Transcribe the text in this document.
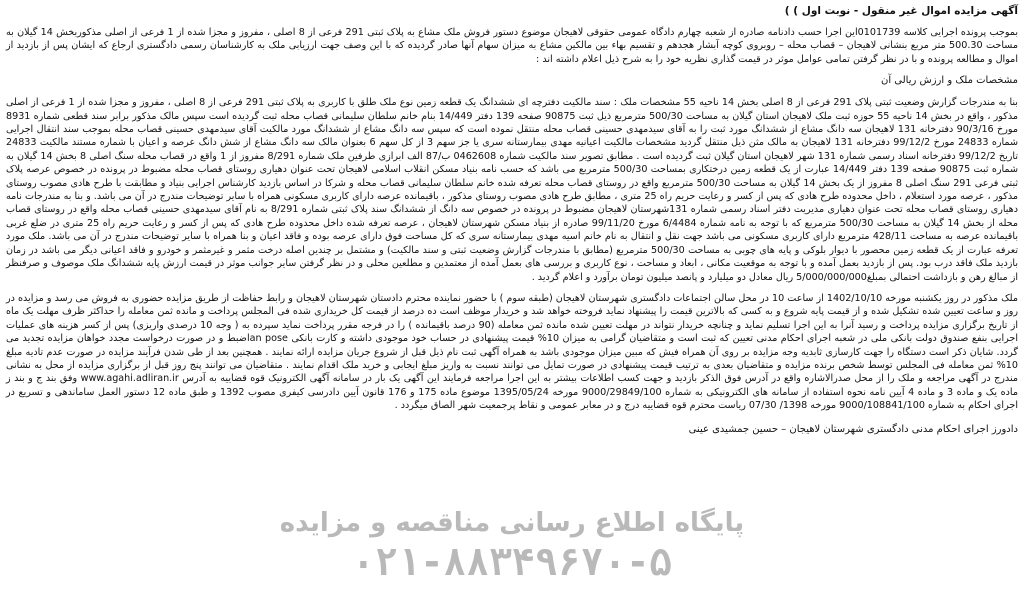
آگهی مزایده اموال غیر منقول - نوبت اول ) )
بموجب پرونده اجرایی کلاسه 0101739این اجرا حسب دادنامه صادره از شعبه چهارم دادگاه عمومی حقوقی لاهیجان موضوع دستور فروش ملک مشاع به پلاک ثبتی 291 فرعی از 8 اصلی ، مفروز و مجزا شده از 1 فرعی از اصلی مذکوربخش 14 گیلان به مساحت 500.30 متر مربع بنشانی لاهیجان – قصاب محله – روبروی کوچه آبشار هجدهم و تقسیم بهاء بین مالکین مشاع به میزان سهام آنها صادر گردیده که با این وصف جهت ارزیابی ملک به کارشناسان رسمی دادگستری ارجاع که ایشان پس از بازدید از اموال و مطالعه پرونده و با در نظر گرفتن تمامی عوامل موثر در قیمت گذاری نظریه خود را به شرح ذیل اعلام داشته اند :
مشخصات ملک و ارزش ریالی آن
بنا به مندرجات گزارش وضعیت ثبتی پلاک 291 فرعی از 8 اصلی بخش 14 ناحیه 55 مشخصات ملک : سند مالکیت دفترچه ای ششدانگ یک قطعه زمین نوع ملک طلق با کاربری به پلاک ثبتی 291 فرعی از 8 اصلی ، مفروز و مجزا شده از 1 فرعی از اصلی مذکور ، واقع در بخش 14 ناحیه 55 حوزه ثبت ملک لاهیجان استان گیلان به مساحت 500/30 مترمربع ذیل ثبت 90875 صفحه 139 دفتر 14/449 بنام خانم سلطان سلیمانی قصاب محله ثبت گردیده است سپس مالک مذکور برابر سند قطعی شماره 8931 مورخ 90/3/16 دفترخانه 131 لاهیجان سه دانگ مشاع از ششدانگ مورد ثبت را به آقای سیدمهدی حسینی قصاب محله منتقل نموده است که سپس سه دانگ مشاع از ششدانگ مورد مالکیت آقای سیدمهدی حسینی قصاب محله بموجب سند انتقال اجرایی شماره 24833 مورخ 99/12/2 دفترخانه 131 لاهیجان به مالک مثن ذیل منتقل گردید مشخصات مالکیت اعیانیه مهدی بیمارستانه سری یا جز سهم 3 از کل سهم 6 بعنوان مالک سه دانگ مشاع از شش دانگ عرصه و اعیان با شماره مستند مالکیت 24833 تاریخ 99/12/2 دفترخانه اسناد رسمی شماره 131 شهر لاهیجان استان گیلان ثبت گردیده است . مطابق تصویر سند مالکیت شماره 0462608 ب/87 الف ابرازی طرفین ملک شماره 8/291 مفروز از 1 واقع در قصاب محله سنگ اصلی 8 بخش 14 گیلان به شماره ثبت 90875 صفحه 139 دفتر 14/449 عبارت از یک قطعه زمین درختکاری بمساحت 500/30 مترمربع می باشد که حسب نامه بنیاد مسکن انقلاب اسلامی لاهیجان تحت عنوان دهیاری روستای قصاب محله مضبوط در پرونده در خصوص عرصه پلاک ثبتی فرعی 291 سنگ اصلی 8 مفروز از یک بخش 14 گیلان به مساحت 500/30 مترمربع واقع در روستای قصاب محله تعرفه شده خانم سلطان سلیمانی قصاب محله و شرکا در اساس بازدید کارشناس اجرایی بنیاد و مطابقت با طرح هادی مصوب روستای مذکور ، عرصه مورد استعلام ، داخل محدوده طرح هادی که پس از کسر و رعایت حریم راه 25 متری ، مطابق طرح هادی مصوب روستای مذکور ، باقیمانده عرصه دارای کاربری مسکونی همراه با سایر توضیحات مندرج در آن می باشد. و بنا به مندرجات نامه دهیاری روستای قصاب محله تحت عنوان دهیاری مدیریت دفتر اسناد رسمی شماره 131شهرستان لاهیجان مضبوط در پرونده در خصوص سه دانگ از ششدانگ سند پلاک ثبتی شماره 8/291 به نام آقای سیدمهدی حسینی قصاب محله واقع در روستای قصاب محله از بخش 14 گیلان به مساحت 500/30 مترمربع که با توجه به نامه شماره 6/4484 مورخ 99/11/20 صادره از بنیاد مسکن شهرستان لاهیجان ، عرصه تعرفه شده داخل محدوده طرح هادی که پس از کسر و رعایت حریم راه 25 متری در ضلع غربی باقیمانده عرصه به مساحت 428/11 مترمربع دارای کاربری مسکونی می باشد جهت نقل و انتقال به نام خانم اسیه مهدی بیمارستانه سری که کل مساحت فوق دارای عرصه بوده و فاقد اعیان و بنا همراه با سایر توضیحات مندرج در آن می باشد. ملک مورد تعرفه عبارت از یک قطعه زمین محصور با دیوار بلوکی و پایه های چوبی به مساحت 500/30 مترمربع (مطابق با مندرجات گزارش وضعیت ثبتی و سند مالکیت) و مشتمل بر چندین اصله درخت مثمر و غیرمثمر و خودرو و فاقد اعیانی دیگر می باشد در زمان بازدید ملک فاقد درب بود. پس از بازدید بعمل آمده و با توجه به موقعیت مکانی ، ابعاد و مساحت ، نوع کاربری و بررسی های بعمل آمده از معتمدین و مطلعین محلی و در نظر گرفتن سایر جوانب موثر در قیمت ارزش پایه ششدانگ ملک موصوف و صرفنظر از مبالغ رهن و بازداشت احتمالی بمبلغ5/000/000/000 ریال معادل دو میلیارد و پانصد میلیون تومان برآورد و اعلام گردید .
ملک مذکور در روز یکشنبه مورخه 1402/10/10 از ساعت 10 در محل سالن اجتماعات دادگستری شهرستان لاهیجان (طبقه سوم ) با حضور نماینده محترم دادستان شهرستان لاهیجان و رابط حفاظت از طریق مزایده حضوری به فروش می رسد و مزایده در روز و ساعت تعیین شده تشکیل شده و از قیمت پایه شروع و به کسی که بالاترین قیمت را پیشنهاد نماید فروخته خواهد شد و خریدار موظف است ده درصد از قیمت کل خریداری شده فی المجلس پرداخت و مانده ثمن معامله را حداکثر ظرف مهلت یک ماه از تاریخ برگزاری مزایده پرداخت و رسید آنرا به این اجرا تسلیم نماید و چنانچه خریدار نتواند در مهلت تعیین شده مانده ثمن معامله (90 درصد باقیمانده ) را در فرجه مقرر پرداخت نماید سپرده به ( وجه 10 درصدی واریزی) پس از کسر هزینه های عملیات اجرایی بنفع صندوق دولت بانکی ملی در شعبه اجرای احکام مدنی تعیین که ثبت است و متقاضیان گرامی به میزان 10% قیمت پیشنهادی در حساب خود موجودی داشته و کارت بانکی lan poseضبط و در صورت درخواست مجدد خواهان مزایده تجدید می گردد. شایان ذکر است دستگاه را جهت کارسازی ثابدیه وجه مزایده بر روی آن همراه فیش که مبین میزان موجودی باشد به همراه آگهی ثبت نام ذیل قبل از شروع جریان مزایده ارائه نمایند . همچنین بعد از طی شدن فرآیند مزایده در صورت عدم تادیه مبلغ 10% ثمن معامله فی المجلس توسط شخص برنده مزایده و متقاضیان بعدی به ترتیب قیمت پیشنهادی در صورت تمایل می توانند نسبت به واریز مبلغ ایجابی و خرید ملک اقدام نمایند . متقاضیان می توانند پنج روز قبل از برگزاری مزایده از محل به نشانی مندرج در آگهی مراجعه و ملک را از محل صدرالاشاره واقع در آدرس فوق الذکر بازدید و جهت کسب اطلاعات بیشتر به این اجرا مراجعه فرمایند این آگهی یک بار در سامانه آگهی الکترونیک قوه قضاییه به آدرس www.agahi.adliran.ir وفق بند ج و بند ز ماده یک و ماده 3 و ماده 4 آیین نامه نحوه استفاده از سامانه های الکترونیکی به شماره 9000/29849/100 مورخه 1395/05/24 موضوع ماده 175 و 176 قانون آیین دادرسی کیفری مصوب 1392 و طبق ماده 12 دستور العمل ساماندهی و تسریع در اجرای احکام به شماره 9000/108841/100 مورخه 1398/ 07/30 ریاست محترم قوه قضاییه درج و در معابر عمومی و نقاط پرجمعیت شهر الصاق میگردد .
دادورز اجرای احکام مدنی دادگستری شهرستان لاهیجان – حسین جمشیدی عینی
پایگاه اطلاع رسانی مناقصه و مزایده
۰۲۱-۸۸۳۴۹۶۷۰-۵
